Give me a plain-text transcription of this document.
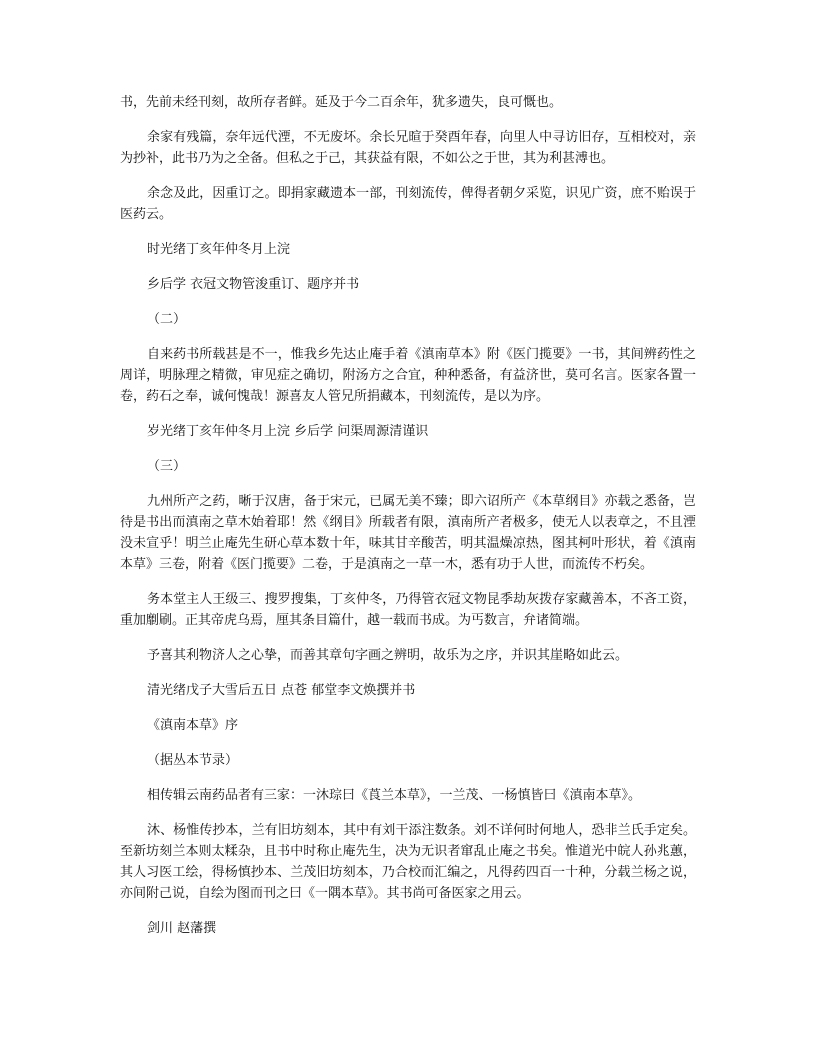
书，先前未经刊刻，故所存者鲜。延及于今二百余年，犹多遗失，良可慨也。

余家有残篇，奈年远代湮，不无废坏。余长兄暄于癸酉年春，向里人中寻访旧存，互相校对，亲为抄补，此书乃为之全备。但私之于己，其获益有限，不如公之于世，其为利甚溥也。

余念及此，因重订之。即捐家藏遗本一部，刊刻流传，俾得者朝夕采览，识见广资，庶不贻误于医药云。

时光绪丁亥年仲冬月上浣

乡后学 衣冠文物管浚重订、题序并书

（二）

自来药书所载甚是不一，惟我乡先达止庵手着《滇南草本》附《医门揽要》一书，其间辨药性之周详，明脉理之精微，审见症之确切，附汤方之合宜，种种悉备，有益济世，莫可名言。医家各置一卷，药石之奉，诚何愧哉！源喜友人管兄所捐藏本，刊刻流传，是以为序。

岁光绪丁亥年仲冬月上浣 乡后学 问渠周源清谨识

（三）

九州所产之药，晰于汉唐，备于宋元，已属无美不臻；即六诏所产《本草纲目》亦载之悉备，岂待是书出而滇南之草木始着耶！然《纲目》所载者有限，滇南所产者极多，使无人以表章之，不且湮没未宣乎！明兰止庵先生研心草本数十年，味其甘辛酸苦，明其温燥凉热，图其柯叶形状，着《滇南本草》三卷，附着《医门揽要》二卷，于是滇南之一草一木，悉有功于人世，而流传不朽矣。

务本堂主人王级三、搜罗搜集，丁亥仲冬，乃得管衣冠文物昆季劫灰拨存家藏善本，不吝工资，重加劘刷。正其帝虎乌焉，厘其条目篇什，越一载而书成。为丐数言，弁诸简端。

予喜其利物济人之心挚，而善其章句字画之辨明，故乐为之序，并识其崖略如此云。

清光绪戊子大雪后五日 点苍 郁堂李文焕撰并书

《滇南本草》序

（据丛本节录）

相传辑云南药品者有三家：一沐琮曰《莨兰本草》，一兰茂、一杨慎皆曰《滇南本草》。

沐、杨惟传抄本，兰有旧坊刻本，其中有刘干添注数条。刘不详何时何地人，恐非兰氏手定矣。至新坊刻兰本则太糅杂，且书中时称止庵先生，决为无识者窜乱止庵之书矣。惟道光中皖人孙兆蕙，其人习医工绘，得杨慎抄本、兰茂旧坊刻本，乃合校而汇编之，凡得药四百一十种，分载兰杨之说，亦间附己说，自绘为图而刊之曰《一隅本草》。其书尚可备医家之用云。

剑川 赵藩撰
